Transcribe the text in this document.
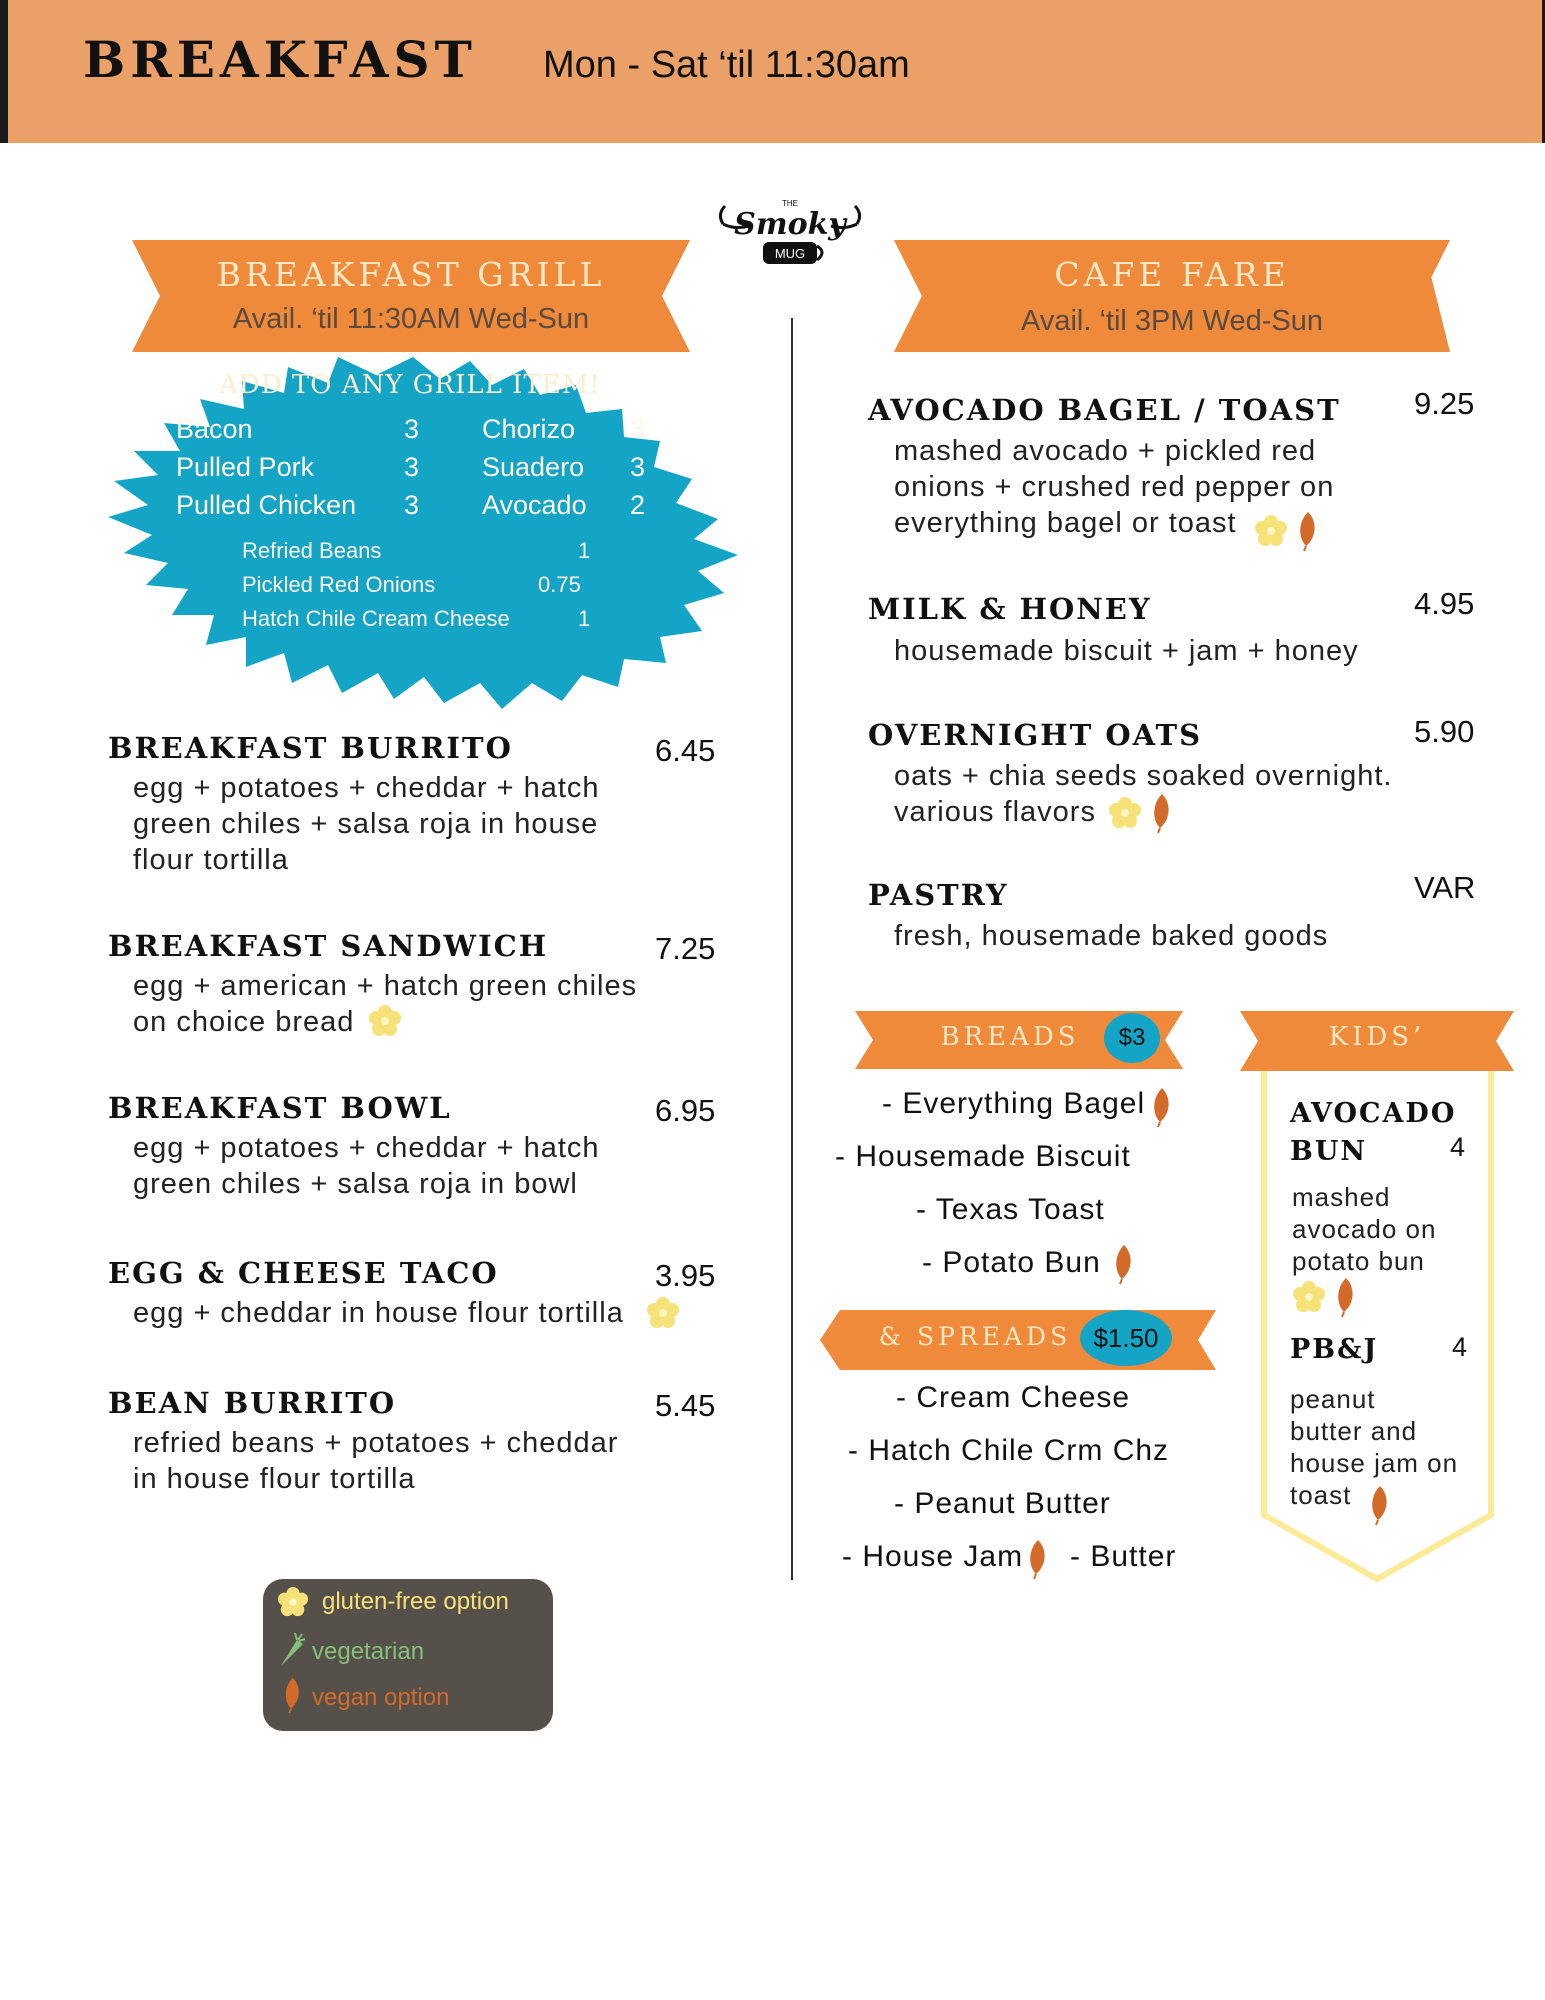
BREAKFAST Mon - Sat ‘til 11:30am
THE
Smoky
MUG
BREAKFAST GRILL
Avail. ‘til 11:30AM Wed-Sun
ADD TO ANY GRILL ITEM!
Bacon	3 Chorizo 3
Pulled Pork	3 Suadero 3
Pulled Chicken 3 Avocado 2
Refried Beans	1
Pickled Red Onions	0.75
Hatch Chile Cream Cheese	1
BREAKFAST BURRITO	6.45
egg + potatoes + cheddar + hatch
green chiles + salsa roja in house
flour tortilla
BREAKFAST SANDWICH	7.25
egg + american + hatch green chiles
on choice bread
BREAKFAST BOWL	6.95
egg + potatoes + cheddar + hatch
green chiles + salsa roja in bowl
EGG & CHEESE TACO	3.95
egg + cheddar in house flour tortilla
BEAN BURRITO	5.45
refried beans + potatoes + cheddar
in house flour tortilla
CAFE FARE
Avail. ‘til 3PM Wed-Sun
AVOCADO BAGEL / TOAST 9.25
mashed avocado + pickled red
onions + crushed red pepper on
everything bagel or toast
MILK & HONEY	4.95
housemade biscuit + jam + honey
OVERNIGHT OATS	5.90
oats + chia seeds soaked overnight.
various flavors
PASTRY	VAR
fresh, housemade baked goods
BREADS	$3
- Everything Bagel
- Housemade Biscuit
- Texas Toast
- Potato Bun
& SPREADS $1.50
- Cream Cheese
- Hatch Chile Crm Chz
- Peanut Butter
- House Jam - Butter
KIDS’
AVOCADO
BUN	4
mashed
avocado on
potato bun
PB&J	4
peanut
butter and
house jam on
toast
gluten-free option
vegetarian
vegan option
